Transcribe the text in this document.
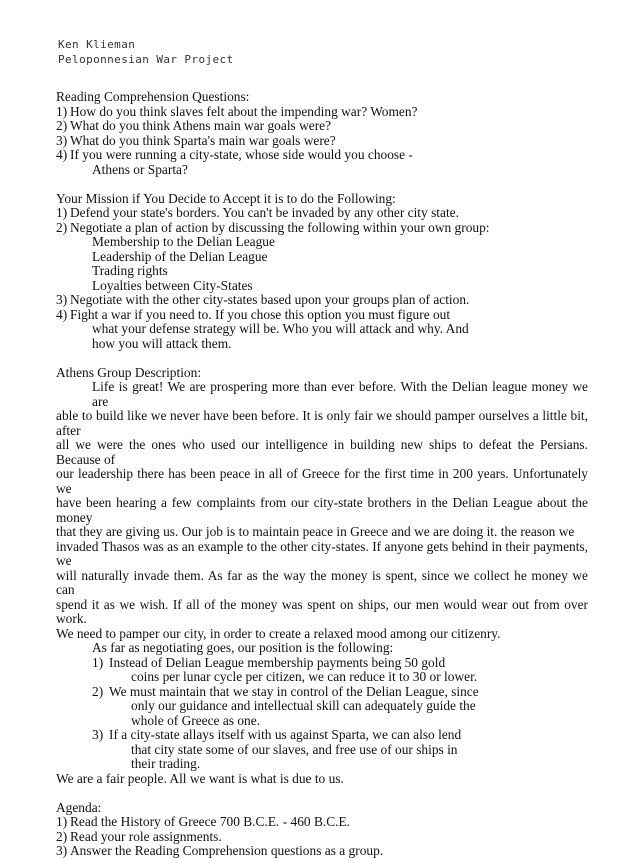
Ken Klieman
Peloponnesian War Project

Reading Comprehension Questions:

1) How do you think slaves felt about the impending war? Women?
2) What do you think Athens main war goals were?
3) What do you think Sparta's main war goals were?
4) If you were running a city-state, whose side would you choose -

Athens or Sparta?

Your Mission if You Decide to Accept it is to do the Following:

1) Defend your state's borders. You can't be invaded by any other city state.
2) Negotiate a plan of action by discussing the following within your own group:

Membership to the Delian League

Leadership of the Delian League

Trading rights

Loyalties between City-States

3) Negotiate with the other city-states based upon your groups plan of action.
4) Fight a war if you need to. If you chose this option you must figure out

what your defense strategy will be. Who you will attack and why. And

how you will attack them.

Athens Group Description:

Life is great! We are prospering more than ever before. With the Delian league money we are

able to build like we never have been before. It is only fair we should pamper ourselves a little bit, after

all we were the ones who used our intelligence in building new ships to defeat the Persians. Because of

our leadership there has been peace in all of Greece for the first time in 200 years. Unfortunately we

have been hearing a few complaints from our city-state brothers in the Delian League about the money

that they are giving us. Our job is to maintain peace in Greece and we are doing it. the reason we

invaded Thasos was as an example to the other city-states. If anyone gets behind in their payments, we

will naturally invade them. As far as the way the money is spent, since we collect he money we can

spend it as we wish. If all of the money was spent on ships, our men would wear out from over work.

We need to pamper our city, in order to create a relaxed mood among our citizenry.

As far as negotiating goes, our position is the following:

1) Instead of Delian League membership payments being 50 gold

coins per lunar cycle per citizen, we can reduce it to 30 or lower.

2) We must maintain that we stay in control of the Delian League, since

only our guidance and intellectual skill can adequately guide the

whole of Greece as one.

3) If a city-state allays itself with us against Sparta, we can also lend

that city state some of our slaves, and free use of our ships in

their trading.

We are a fair people. All we want is what is due to us.

Agenda:

1) Read the History of Greece 700 B.C.E. - 460 B.C.E.
2) Read your role assignments.
3) Answer the Reading Comprehension questions as a group.
